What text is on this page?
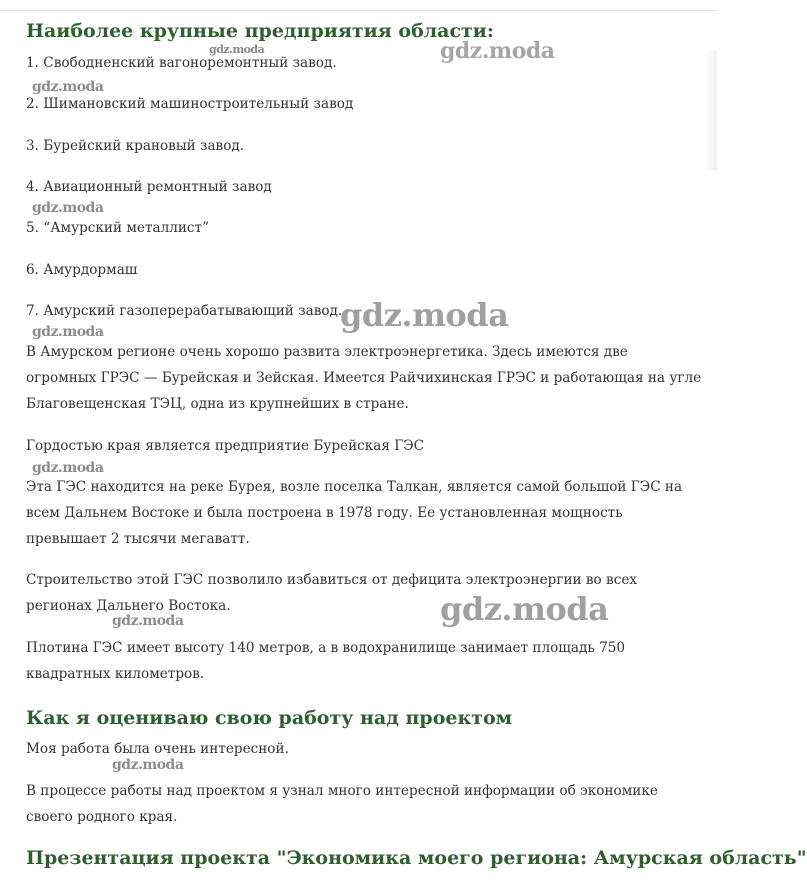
Наиболее крупные предприятия области:
1. Свободненский вагоноремонтный завод.
2. Шимановский машиностроительный завод
3. Бурейский крановый завод.
4. Авиационный ремонтный завод
5. “Амурский металлист”
6. Амурдормаш
7. Амурский газоперерабатывающий завод.
В Амурском регионе очень хорошо развита электроэнергетика. Здесь имеются две
огромных ГРЭС — Бурейская и Зейская. Имеется Райчихинская ГРЭС и работающая на угле
Благовещенская ТЭЦ, одна из крупнейших в стране.
Гордостью края является предприятие Бурейская ГЭС
Эта ГЭС находится на реке Бурея, возле поселка Талкан, является самой большой ГЭС на
всем Дальнем Востоке и была построена в 1978 году. Ее установленная мощность
превышает 2 тысячи мегаватт.
Строительство этой ГЭС позволило избавиться от дефицита электроэнергии во всех
регионах Дальнего Востока.
Плотина ГЭС имеет высоту 140 метров, а в водохранилище занимает площадь 750
квадратных километров.
Как я оцениваю свою работу над проектом
Моя работа была очень интересной.
В процессе работы над проектом я узнал много интересной информации об экономике
своего родного края.
Презентация проекта "Экономика моего региона: Амурская область"
gdz.moda	gdz.moda
gdz.moda
gdz.moda
gdz.moda
gdz.moda
gdz.moda
gdz.moda
gdz.moda
gdz.moda
